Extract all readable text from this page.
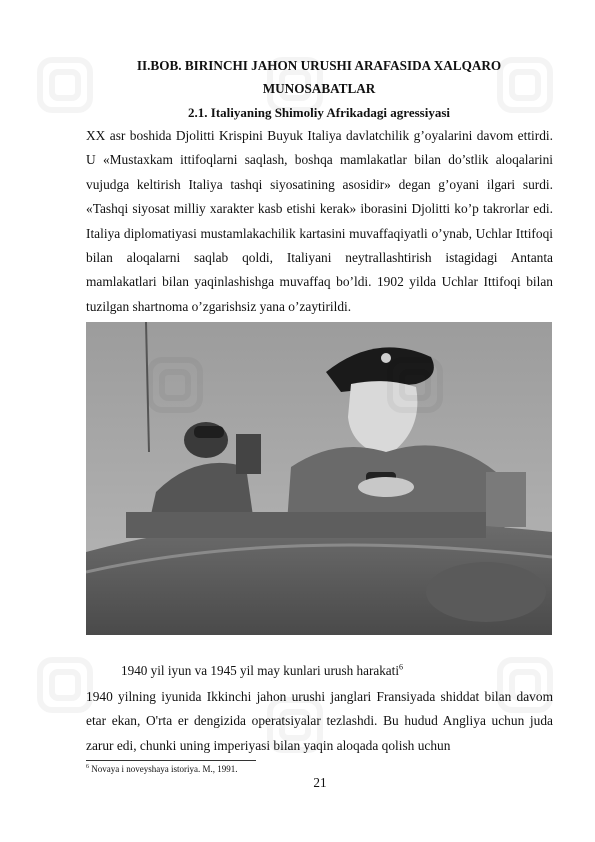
II.BOB. BIRINCHI JAHON URUSHI ARAFASIDA XALQARO
MUNOSABATLAR
2.1. Italiyaning Shimoliy Afrikadagi agressiyasi
XX asr boshida Djolitti Krispini Buyuk Italiya davlatchilik g’oyalarini davom ettirdi. U «Mustaxkam ittifoqlarni saqlash, boshqa mamlakatlar bilan do’stlik aloqalarini vujudga keltirish Italiya tashqi siyosatining asosidir» degan g’oyani ilgari surdi. «Tashqi siyosat milliy xarakter kasb etishi kerak» iborasini Djolitti ko’p takrorlar edi. Italiya diplomatiyasi mustamlakachilik kartasini muvaffaqiyatli o’ynab, Uchlar Ittifoqi bilan aloqalarni saqlab qoldi, Italiyani neytrallashtirish istagidagi Antanta mamlakatlari bilan yaqinlashishga muvaffaq bo’ldi. 1902 yilda Uchlar Ittifoqi bilan tuzilgan shartnoma o’zgarishsiz yana o’zaytirildi.
1940 yil iyun va 1945 yil may kunlari urush harakati$^6$
1940 yilning iyunida Ikkinchi jahon urushi janglari Fransiyada shiddat bilan davom etar ekan, O'rta er dengizida operatsiyalar tezlashdi. Bu hudud Angliya uchun juda zarur edi, chunki uning imperiyasi bilan yaqin aloqada qolish uchun
$^6$ Novaya i noveyshaya istoriya. M., 1991.
21
